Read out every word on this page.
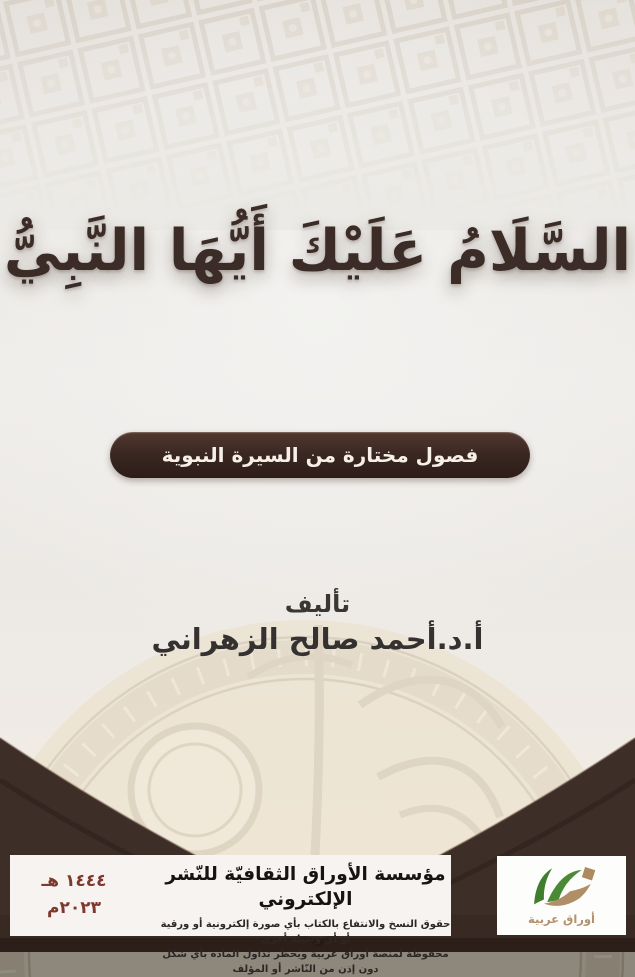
السَّلَامُ عَلَيْكَ أَيُّهَا النَّبِيُّ
فصول مختارة من السيرة النبوية
تأليف
أ.د.أحمد صالح الزهراني
١٤٤٤ هـ
٢٠٢٣م
مؤسسة الأوراق الثقافيّة للنّشر الإلكتروني
حقوق النسخ والانتفاع بالكتاب بأي صورة إلكترونية أو ورقية أو أي وسيلة أخرى
محفوظة لمنصة أوراق عربية ويُحظر تداول المادة بأي شكل دون إذن من النّاشر أو المؤلف
أوراق عربية
